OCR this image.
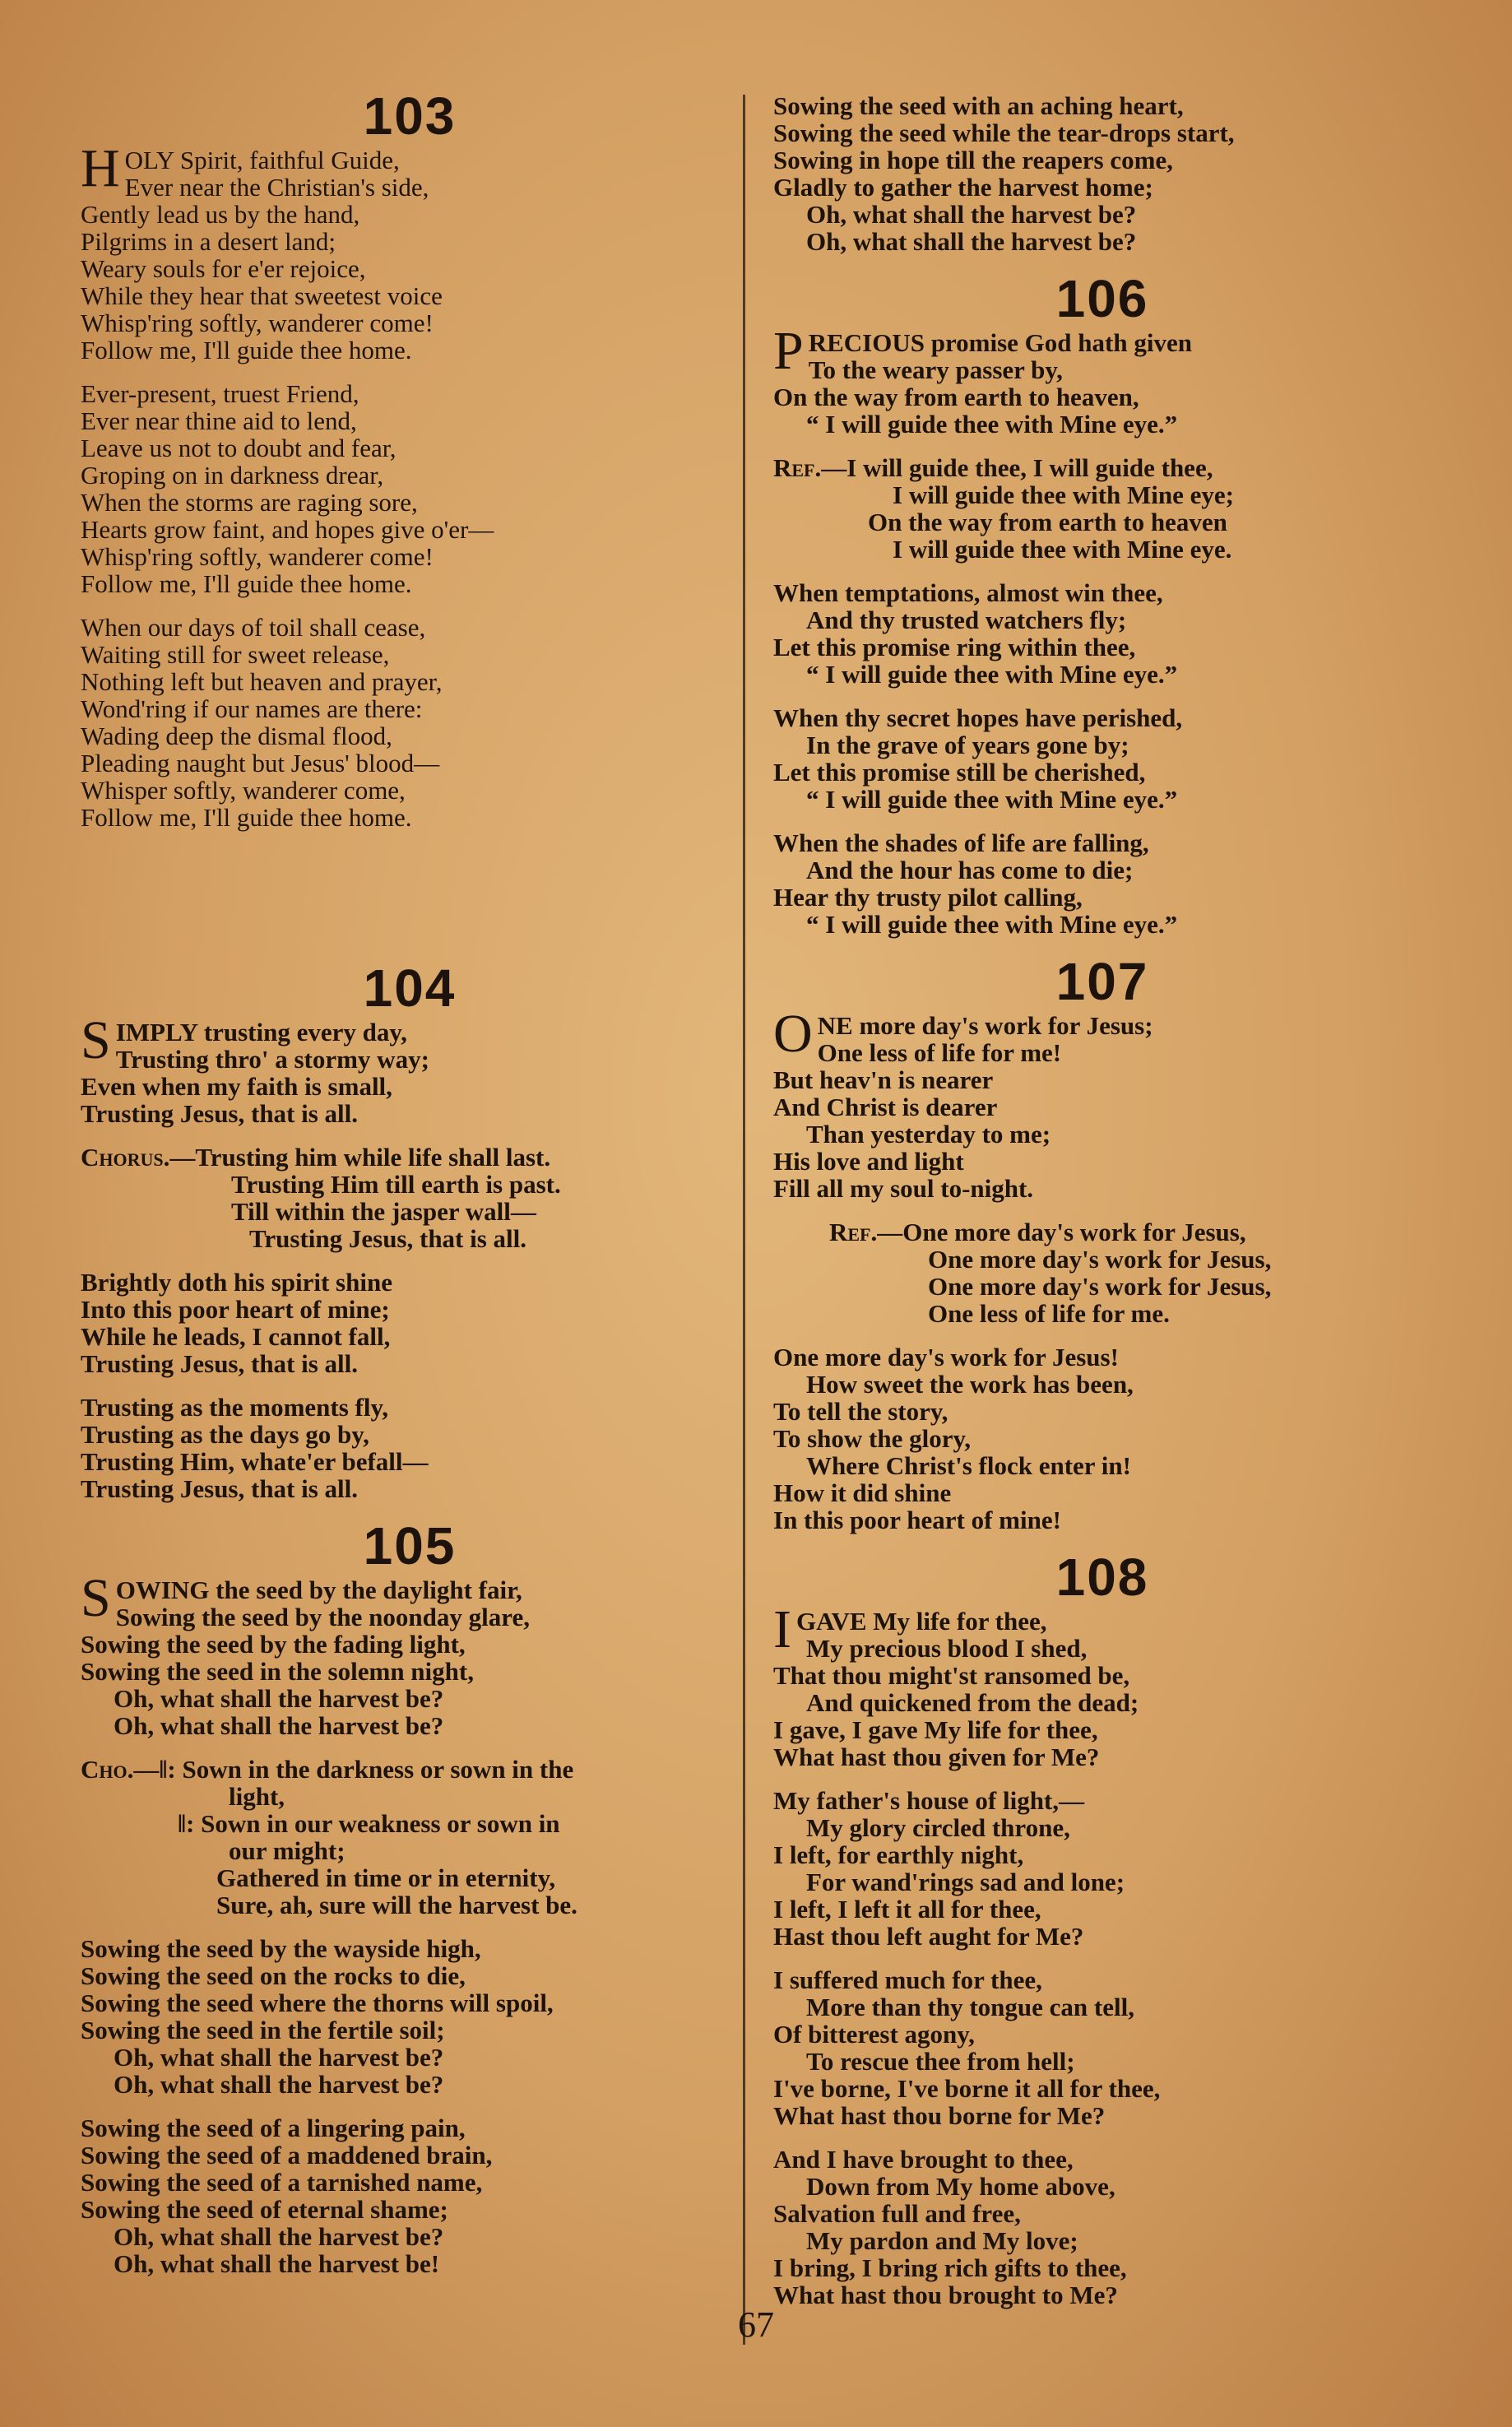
103
HOLY Spirit, faithful Guide,
Ever near the Christian's side,
Gently lead us by the hand,
Pilgrims in a desert land;
Weary souls for e'er rejoice,
While they hear that sweetest voice
Whisp'ring softly, wanderer come!
Follow me, I'll guide thee home.
Ever-present, truest Friend,
Ever near thine aid to lend,
Leave us not to doubt and fear,
Groping on in darkness drear,
When the storms are raging sore,
Hearts grow faint, and hopes give o'er—
Whisp'ring softly, wanderer come!
Follow me, I'll guide thee home.
When our days of toil shall cease,
Waiting still for sweet release,
Nothing left but heaven and prayer,
Wond'ring if our names are there:
Wading deep the dismal flood,
Pleading naught but Jesus' blood—
Whisper softly, wanderer come,
Follow me, I'll guide thee home.
104
SIMPLY trusting every day,
Trusting thro' a stormy way;
Even when my faith is small,
Trusting Jesus, that is all.
Chorus.—Trusting him while life shall last.
Trusting Him till earth is past.
Till within the jasper wall—
Trusting Jesus, that is all.
Brightly doth his spirit shine
Into this poor heart of mine;
While he leads, I cannot fall,
Trusting Jesus, that is all.
Trusting as the moments fly,
Trusting as the days go by,
Trusting Him, whate'er befall—
Trusting Jesus, that is all.
105
SOWING the seed by the daylight fair,
Sowing the seed by the noonday glare,
Sowing the seed by the fading light,
Sowing the seed in the solemn night,
Oh, what shall the harvest be?
Oh, what shall the harvest be?
Cho.—‖: Sown in the darkness or sown in the
light,
‖: Sown in our weakness or sown in
our might;
Gathered in time or in eternity,
Sure, ah, sure will the harvest be.
Sowing the seed by the wayside high,
Sowing the seed on the rocks to die,
Sowing the seed where the thorns will spoil,
Sowing the seed in the fertile soil;
Oh, what shall the harvest be?
Oh, what shall the harvest be?
Sowing the seed of a lingering pain,
Sowing the seed of a maddened brain,
Sowing the seed of a tarnished name,
Sowing the seed of eternal shame;
Oh, what shall the harvest be?
Oh, what shall the harvest be!
Sowing the seed with an aching heart,
Sowing the seed while the tear-drops start,
Sowing in hope till the reapers come,
Gladly to gather the harvest home;
Oh, what shall the harvest be?
Oh, what shall the harvest be?
106
PRECIOUS promise God hath given
To the weary passer by,
On the way from earth to heaven,
“ I will guide thee with Mine eye.”
Ref.—I will guide thee, I will guide thee,
I will guide thee with Mine eye;
On the way from earth to heaven
I will guide thee with Mine eye.
When temptations, almost win thee,
And thy trusted watchers fly;
Let this promise ring within thee,
“ I will guide thee with Mine eye.”
When thy secret hopes have perished,
In the grave of years gone by;
Let this promise still be cherished,
“ I will guide thee with Mine eye.”
When the shades of life are falling,
And the hour has come to die;
Hear thy trusty pilot calling,
“ I will guide thee with Mine eye.”
107
ONE more day's work for Jesus;
One less of life for me!
But heav'n is nearer
And Christ is dearer
Than yesterday to me;
His love and light
Fill all my soul to-night.
Ref.—One more day's work for Jesus,
One more day's work for Jesus,
One more day's work for Jesus,
One less of life for me.
One more day's work for Jesus!
How sweet the work has been,
To tell the story,
To show the glory,
Where Christ's flock enter in!
How it did shine
In this poor heart of mine!
108
IGAVE My life for thee,
My precious blood I shed,
That thou might'st ransomed be,
And quickened from the dead;
I gave, I gave My life for thee,
What hast thou given for Me?
My father's house of light,—
My glory circled throne,
I left, for earthly night,
For wand'rings sad and lone;
I left, I left it all for thee,
Hast thou left aught for Me?
I suffered much for thee,
More than thy tongue can tell,
Of bitterest agony,
To rescue thee from hell;
I've borne, I've borne it all for thee,
What hast thou borne for Me?
And I have brought to thee,
Down from My home above,
Salvation full and free,
My pardon and My love;
I bring, I bring rich gifts to thee,
What hast thou brought to Me?
67
